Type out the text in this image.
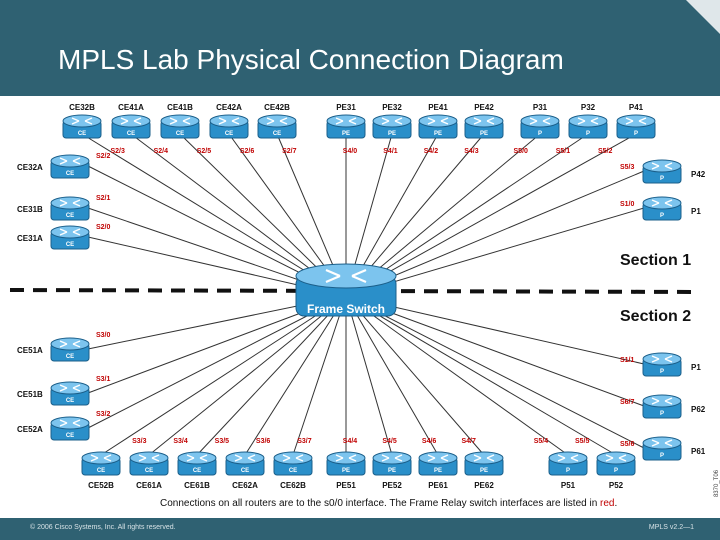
MPLS Lab Physical Connection Diagram
Section 1
Section 2
CE
CE32B
S2/3
CE
CE41A
S2/4
CE
CE41B
S2/5
CE
CE42A
S2/6
CE
CE42B
S2/7
PE
PE31
S4/0
PE
PE32
S4/1
PE
PE41
S4/2
PE
PE42
S4/3
P
P31
S5/0
P
P32
S5/1
P
P41
S5/2
CE
CE52B
S3/3
CE
CE61A
S3/4
CE
CE61B
S3/5
CE
CE62A
S3/6
CE
CE62B
S3/7
PE
PE51
S4/4
PE
PE52
S4/5
PE
PE61
S4/6
PE
PE62
S4/7
P
P51
S5/4
P
P52
S5/5
CE
CE32A
S2/2
CE
CE31B
S2/1
CE
CE31A
S2/0
CE
CE51A
S3/0
CE
CE51B
S3/1
CE
CE52A
S3/2
P	P42
S5/3
P	P1
S1/0
P	P1
S1/1
P	P62
S6/7
P	P61
S5/6
Frame Switch
Connections on all routers are to the s0/0 interface. The Frame Relay switch interfaces are listed in red.
8370_T06
© 2006 Cisco Systems, Inc. All rights reserved.	MPLS v2.2—1
